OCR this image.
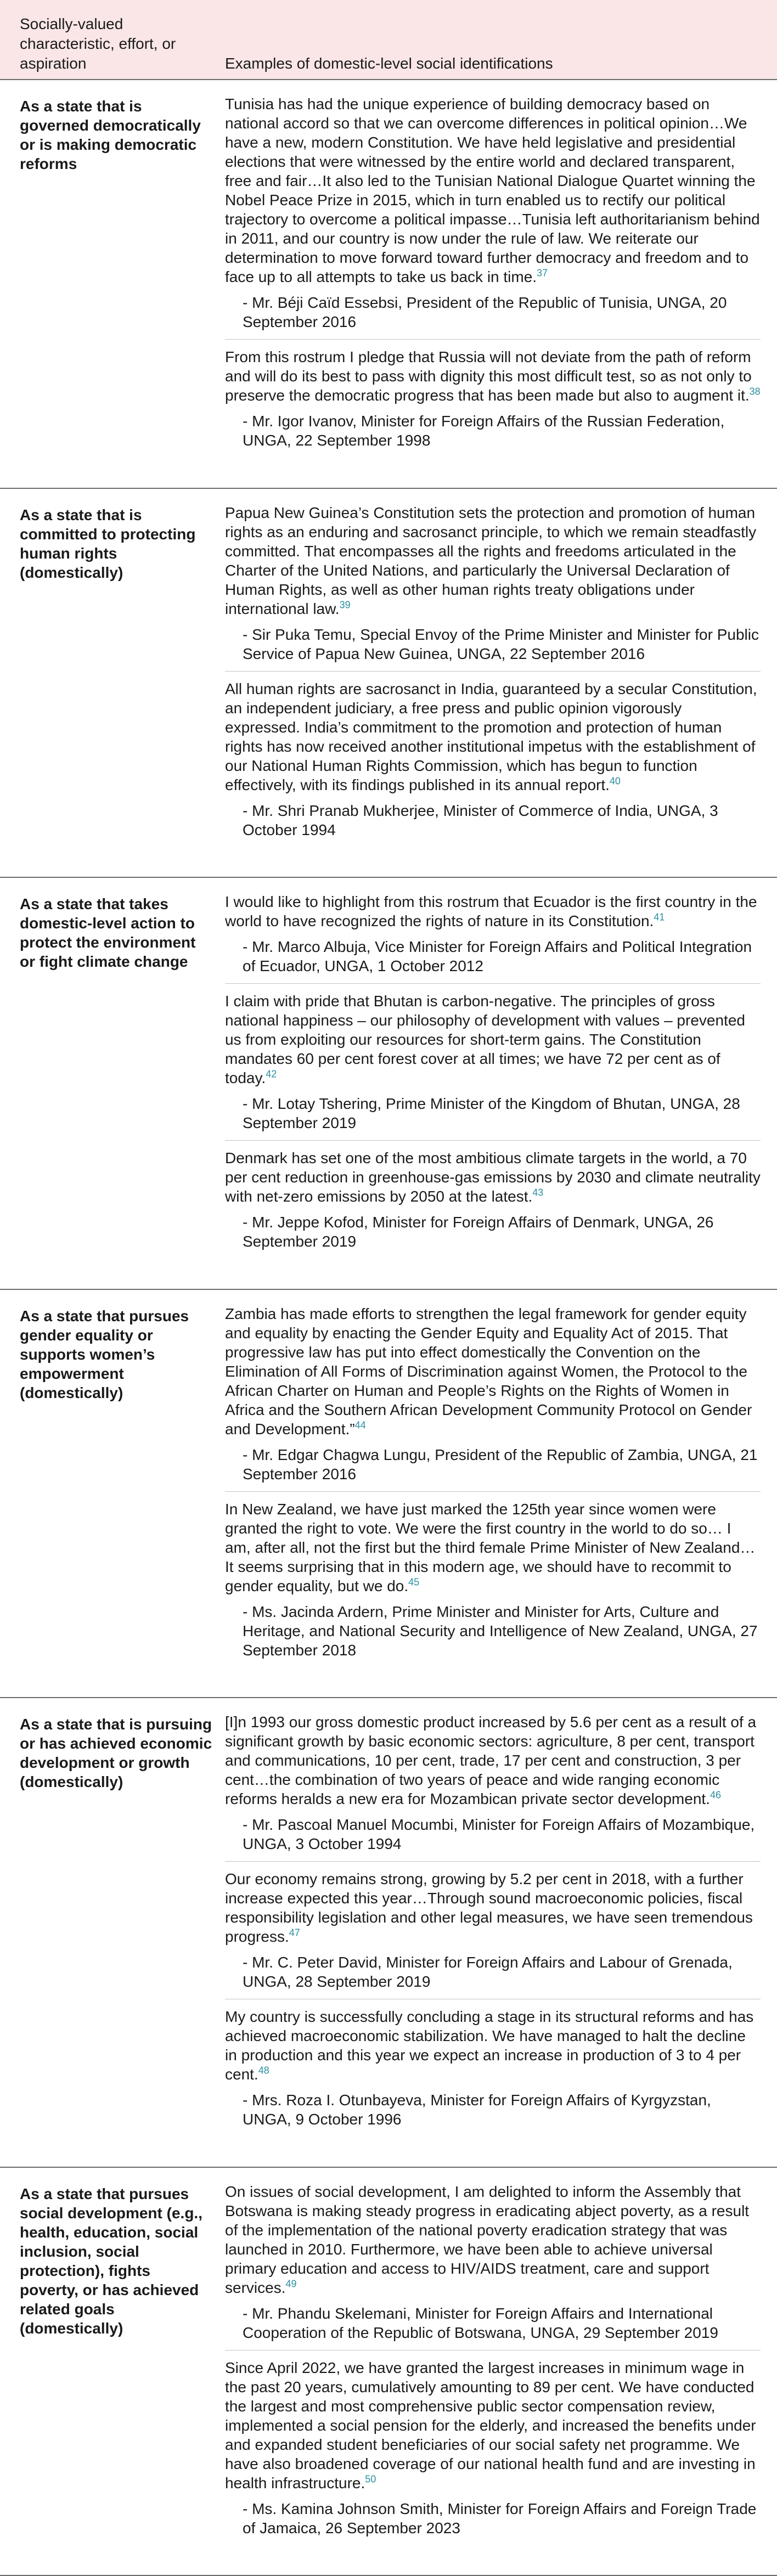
Socially-valued characteristic, effort, or aspiration	Examples of domestic-level social identifications
As a state that is governed democratically or is making democratic reforms

Tunisia has had the unique experience of building democracy based on national accord so that we can overcome differences in political opinion…We have a new, modern Constitution. We have held legislative and presidential elections that were witnessed by the entire world and declared transparent, free and fair…It also led to the Tunisian National Dialogue Quartet winning the Nobel Peace Prize in 2015, which in turn enabled us to rectify our political trajectory to overcome a political impasse…Tunisia left authoritarianism behind in 2011, and our country is now under the rule of law. We reiterate our determination to move forward toward further democracy and freedom and to face up to all attempts to take us back in time.$^{37}$

- Mr. Béji Caïd Essebsi, President of the Republic of Tunisia, UNGA, 20 September 2016

From this rostrum I pledge that Russia will not deviate from the path of reform and will do its best to pass with dignity this most difficult test, so as not only to preserve the democratic progress that has been made but also to augment it.$^{38}$

- Mr. Igor Ivanov, Minister for Foreign Affairs of the Russian Federation, UNGA, 22 September 1998

As a state that is committed to protecting human rights (domestically)

Papua New Guinea’s Constitution sets the protection and promotion of human rights as an enduring and sacrosanct principle, to which we remain steadfastly committed. That encompasses all the rights and freedoms articulated in the Charter of the United Nations, and particularly the Universal Declaration of Human Rights, as well as other human rights treaty obligations under international law.$^{39}$

- Sir Puka Temu, Special Envoy of the Prime Minister and Minister for Public Service of Papua New Guinea, UNGA, 22 September 2016

All human rights are sacrosanct in India, guaranteed by a secular Constitution, an independent judiciary, a free press and public opinion vigorously expressed. India’s commitment to the promotion and protection of human rights has now received another institutional impetus with the establishment of our National Human Rights Commission, which has begun to function effectively, with its findings published in its annual report.$^{40}$

- Mr. Shri Pranab Mukherjee, Minister of Commerce of India, UNGA, 3 October 1994

As a state that takes domestic-level action to protect the environment or fight climate change

I would like to highlight from this rostrum that Ecuador is the first country in the world to have recognized the rights of nature in its Constitution.$^{41}$

- Mr. Marco Albuja, Vice Minister for Foreign Affairs and Political Integration of Ecuador, UNGA, 1 October 2012

I claim with pride that Bhutan is carbon-negative. The principles of gross national happiness – our philosophy of development with values – prevented us from exploiting our resources for short-term gains. The Constitution mandates 60 per cent forest cover at all times; we have 72 per cent as of today.$^{42}$

- Mr. Lotay Tshering, Prime Minister of the Kingdom of Bhutan, UNGA, 28 September 2019

Denmark has set one of the most ambitious climate targets in the world, a 70 per cent reduction in greenhouse-gas emissions by 2030 and climate neutrality with net-zero emissions by 2050 at the latest.$^{43}$

- Mr. Jeppe Kofod, Minister for Foreign Affairs of Denmark, UNGA, 26 September 2019

As a state that pursues gender equality or supports women’s empowerment (domestically)

Zambia has made efforts to strengthen the legal framework for gender equity and equality by enacting the Gender Equity and Equality Act of 2015. That progressive law has put into effect domestically the Convention on the Elimination of All Forms of Discrimination against Women, the Protocol to the African Charter on Human and People’s Rights on the Rights of Women in Africa and the Southern African Development Community Protocol on Gender and Development.”$^{44}$

- Mr. Edgar Chagwa Lungu, President of the Republic of Zambia, UNGA, 21 September 2016

In New Zealand, we have just marked the 125th year since women were granted the right to vote. We were the first country in the world to do so… I am, after all, not the first but the third female Prime Minister of New Zealand…It seems surprising that in this modern age, we should have to recommit to gender equality, but we do.$^{45}$

- Ms. Jacinda Ardern, Prime Minister and Minister for Arts, Culture and Heritage, and National Security and Intelligence of New Zealand, UNGA, 27 September 2018

As a state that is pursuing or has achieved economic development or growth (domestically)

[I]n 1993 our gross domestic product increased by 5.6 per cent as a result of a significant growth by basic economic sectors: agriculture, 8 per cent, transport and communications, 10 per cent, trade, 17 per cent and construction, 3 per cent…the combination of two years of peace and wide ranging economic reforms heralds a new era for Mozambican private sector development.$^{46}$

- Mr. Pascoal Manuel Mocumbi, Minister for Foreign Affairs of Mozambique, UNGA, 3 October 1994

Our economy remains strong, growing by 5.2 per cent in 2018, with a further increase expected this year…Through sound macroeconomic policies, fiscal responsibility legislation and other legal measures, we have seen tremendous progress.$^{47}$

- Mr. C. Peter David, Minister for Foreign Affairs and Labour of Grenada, UNGA, 28 September 2019

My country is successfully concluding a stage in its structural reforms and has achieved macroeconomic stabilization. We have managed to halt the decline in production and this year we expect an increase in production of 3 to 4 per cent.$^{48}$

- Mrs. Roza I. Otunbayeva, Minister for Foreign Affairs of Kyrgyzstan, UNGA, 9 October 1996

As a state that pursues social development (e.g., health, education, social inclusion, social protection), fights poverty, or has achieved related goals (domestically)

On issues of social development, I am delighted to inform the Assembly that Botswana is making steady progress in eradicating abject poverty, as a result of the implementation of the national poverty eradication strategy that was launched in 2010. Furthermore, we have been able to achieve universal primary education and access to HIV/AIDS treatment, care and support services.$^{49}$

- Mr. Phandu Skelemani, Minister for Foreign Affairs and International Cooperation of the Republic of Botswana, UNGA, 29 September 2019

Since April 2022, we have granted the largest increases in minimum wage in the past 20 years, cumulatively amounting to 89 per cent. We have conducted the largest and most comprehensive public sector compensation review, implemented a social pension for the elderly, and increased the benefits under and expanded student beneficiaries of our social safety net programme. We have also broadened coverage of our national health fund and are investing in health infrastructure.$^{50}$

- Ms. Kamina Johnson Smith, Minister for Foreign Affairs and Foreign Trade of Jamaica, 26 September 2023
